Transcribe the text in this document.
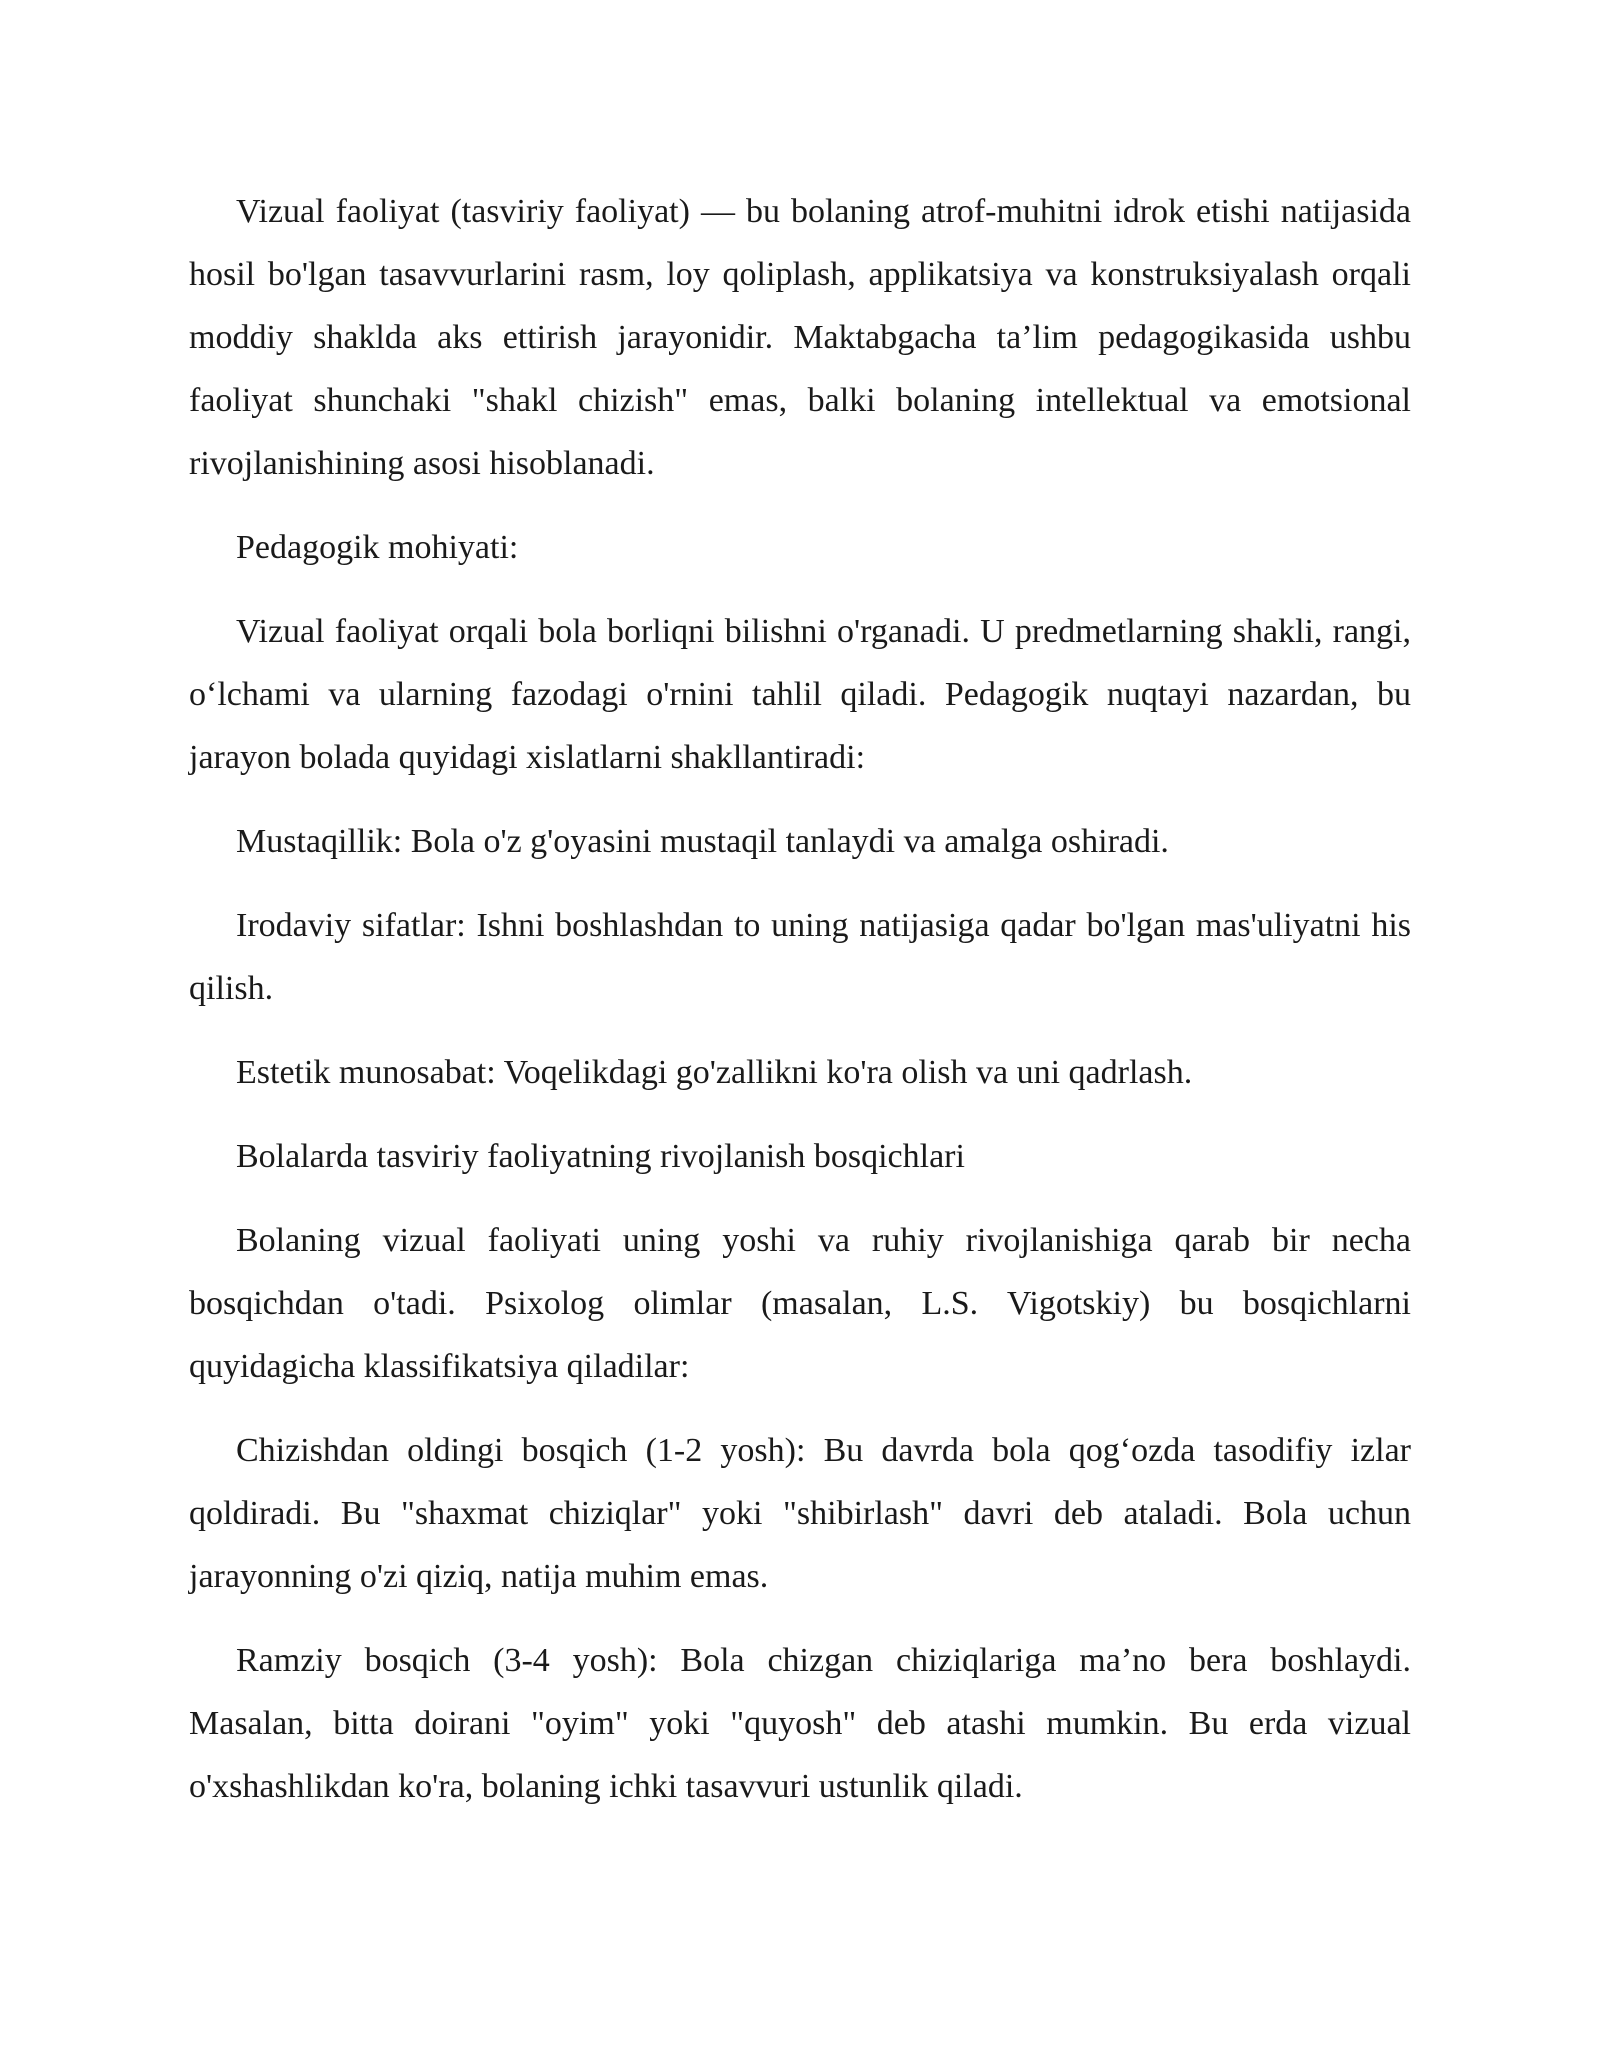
Vizual faoliyat (tasviriy faoliyat) — bu bolaning atrof-muhitni idrok etishi natijasida hosil bo'lgan tasavvurlarini rasm, loy qoliplash, applikatsiya va konstruksiyalash orqali moddiy shaklda aks ettirish jarayonidir. Maktabgacha ta’lim pedagogikasida ushbu faoliyat shunchaki "shakl chizish" emas, balki bolaning intellektual va emotsional rivojlanishining asosi hisoblanadi.

Pedagogik mohiyati:

Vizual faoliyat orqali bola borliqni bilishni o'rganadi. U predmetlarning shakli, rangi, o‘lchami va ularning fazodagi o'rnini tahlil qiladi. Pedagogik nuqtayi nazardan, bu jarayon bolada quyidagi xislatlarni shakllantiradi:

Mustaqillik: Bola o'z g'oyasini mustaqil tanlaydi va amalga oshiradi.

Irodaviy sifatlar: Ishni boshlashdan to uning natijasiga qadar bo'lgan mas'uliyatni his qilish.

Estetik munosabat: Voqelikdagi go'zallikni ko'ra olish va uni qadrlash.

Bolalarda tasviriy faoliyatning rivojlanish bosqichlari

Bolaning vizual faoliyati uning yoshi va ruhiy rivojlanishiga qarab bir necha bosqichdan o'tadi. Psixolog olimlar (masalan, L.S. Vigotskiy) bu bosqichlarni quyidagicha klassifikatsiya qiladilar:

Chizishdan oldingi bosqich (1-2 yosh): Bu davrda bola qog‘ozda tasodifiy izlar qoldiradi. Bu "shaxmat chiziqlar" yoki "shibirlash" davri deb ataladi. Bola uchun jarayonning o'zi qiziq, natija muhim emas.

Ramziy bosqich (3-4 yosh): Bola chizgan chiziqlariga ma’no bera boshlaydi. Masalan, bitta doirani "oyim" yoki "quyosh" deb atashi mumkin. Bu erda vizual o'xshashlikdan ko'ra, bolaning ichki tasavvuri ustunlik qiladi.
